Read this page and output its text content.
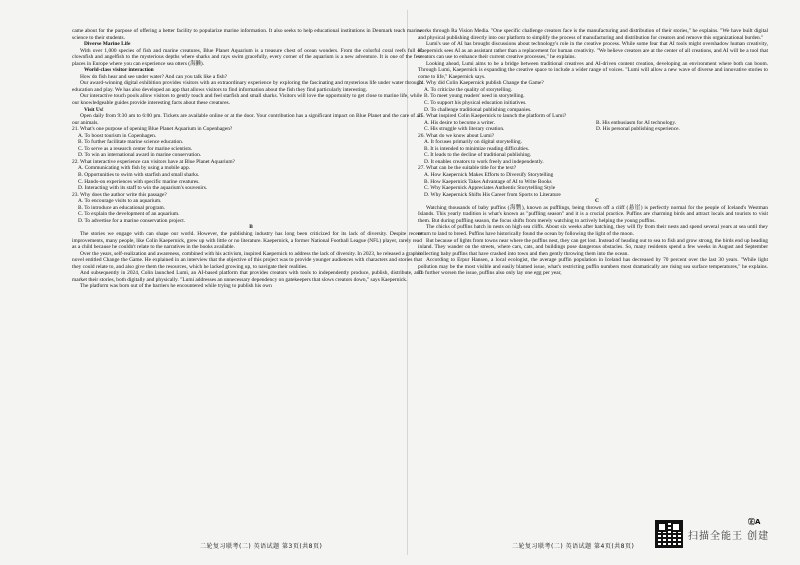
came about for the purpose of offering a better facility to popularize marine information. It also seeks to help educational institutions in Denmark teach marine science to their students.

Diverse Marine Life

With over 1,000 species of fish and marine creatures, Blue Planet Aquarium is a treasure chest of ocean wonders. From the colorful coral reefs full of clownfish and angelfish to the mysterious depths where sharks and rays swim gracefully, every corner of the aquarium is a new adventure. It is one of the few places in Europe where you can experience sea otters (海獭).

World-class visitor interaction

How do fish hear and see under water? And can you talk like a fish?

Our award-winning digital exhibition provides visitors with an extraordinary experience by exploring the fascinating and mysterious life under water through education and play. We has also developed an app that allows visitors to find information about the fish they find particularly interesting.

Our interactive touch pools allow visitors to gently touch and feel starfish and small sharks. Visitors will love the opportunity to get close to marine life, while our knowledgeable guides provide interesting facts about these creatures.

Visit Us!

Open daily from 9:30 am to 6:00 pm. Tickets are available online or at the door. Your contribution has a significant impact on Blue Planet and the care of all our animals.

21. What's one purpose of opening Blue Planet Aquarium in Copenhagen?

A. To boost tourism in Copenhagen.

B. To further facilitate marine science education.

C. To serve as a research center for marine scientists.

D. To win an international award in marine conservation.

22. What interactive experience can visitors have at Blue Planet Aquarium?

A. Communicating with fish by using a mobile app.

B. Opportunities to swim with starfish and small sharks.

C. Hands-on experiences with specific marine creatures.

D. Interacting with its staff to win the aquarium's souvenirs.

23. Why does the author write this passage?

A. To encourage visits to an aquarium.

B. To introduce an educational program.

C. To explain the development of an aquarium.

D. To advertise for a marine conservation project.

B

The stories we engage with can shape our world. However, the publishing industry has long been criticized for its lack of diversity. Despite recent improvements, many people, like Colin Kaepernick, grew up with little or no literature. Kaepernick, a former National Football League (NFL) player, rarely read as a child because he couldn't relate to the narratives in the books available.

Over the years, self-realization and awareness, combined with his activism, inspired Kaepernick to address the lack of diversity. In 2023, he released a graphic novel entitled Change the Game. He explained in an interview that the objective of this project was to provide younger audiences with characters and stories that they could relate to, and also give them the resources, which he lacked growing up, to navigate their realities.

And subsequently in 2024, Colin launched Lumi, an AI-based platform that provides creators with tools to independently produce, publish, distribute, and market their stories, both digitally and physically. "Lumi addresses an unnecessary dependency on gatekeepers that slows creators down," says Kaepernick.

The platform was born out of the barriers he encountered while trying to publish his own

works through Ra Vision Media. "One specific challenge creators face is the manufacturing and distribution of their stories," he explains. "We have built digital and physical publishing directly into our platform to simplify the process of manufacturing and distribution for creators and remove this organizational burden."

Lumi's use of AI has brought discussions about technology's role in the creative process. While some fear that AI tools might overshadow human creativity, Kaepernick sees AI as an assistant rather than a replacement for human creativity. "We believe creators are at the center of all creations, and AI will be a tool that creators can use to enhance their current creative processes," he explains.

Looking ahead, Lumi aims to be a bridge between traditional creatives and AI-driven content creation, developing an environment where both can boom. Through Lumi, Kaepernick is expanding the creative space to include a wider range of voices. "Lumi will allow a new wave of diverse and innovative stories to come to life," Kaepernick says.

24. Why did Colin Kaepernick publish Change the Game?

A. To criticize the quality of storytelling.

B. To meet young readers' need in storytelling.

C. To support his physical education initiatives.

D. To challenge traditional publishing companies.

25. What inspired Colin Kaepernick to launch the platform of Lumi?

A. His desire to become a writer.	B. His enthusiasm for AI technology.
C. His struggle with literary creation.	D. His personal publishing experience.

26. What do we know about Lumi?

A. It focuses primarily on digital storytelling.

B. It is intended to minimize reading difficulties.

C. It leads to the decline of traditional publishing.

D. It enables creators to work freely and independently.

27. What can be the suitable title for the text?

A. How Kaepernick Makes Efforts to Diversify Storytelling

B. How Kaepernick Takes Advantage of AI to Write Books

C. Why Kaepernick Appreciates Authentic Storytelling Style

D. Why Kaepernick Shifts His Career from Sports to Literature

C

Watching thousands of baby puffins (海鹦), known as pufflings, being thrown off a cliff (悬崖) is perfectly normal for the people of Iceland's Westman Islands. This yearly tradition is what's known as "puffling season" and it is a crucial practice. Puffins are charming birds and attract locals and tourists to visit them. But during puffling season, the focus shifts from merely watching to actively helping the young puffins.

The chicks of puffins hatch in nests on high sea cliffs. About six weeks after hatching, they will fly from their nests and spend several years at sea until they return to land to breed. Puffins have historically found the ocean by following the light of the moon.

But because of lights from towns near where the puffins nest, they can get lost. Instead of heading out to sea to fish and grow strong, the birds end up heading inland. They wander on the streets, where cars, cats, and buildings pose dangerous obstacles. So, many residents spend a few weeks in August and September collecting baby puffins that have crashed into town and then gently throwing them into the ocean.

According to Erpur Hansen, a local ecologist, the average puffin population in Iceland has decreased by 70 percent over the last 30 years. "While light pollution may be the most visible and easily blamed issue, what's restricting puffin numbers most dramatically are rising sea surface temperatures," he explains. To further worsen the issue, puffins also only lay one egg per year,

二轮复习联考(二) 英语试题 第3页(共8页)	二轮复习联考(二) 英语试题 第4页(共8页)
㊣A
扫描全能王 创建
